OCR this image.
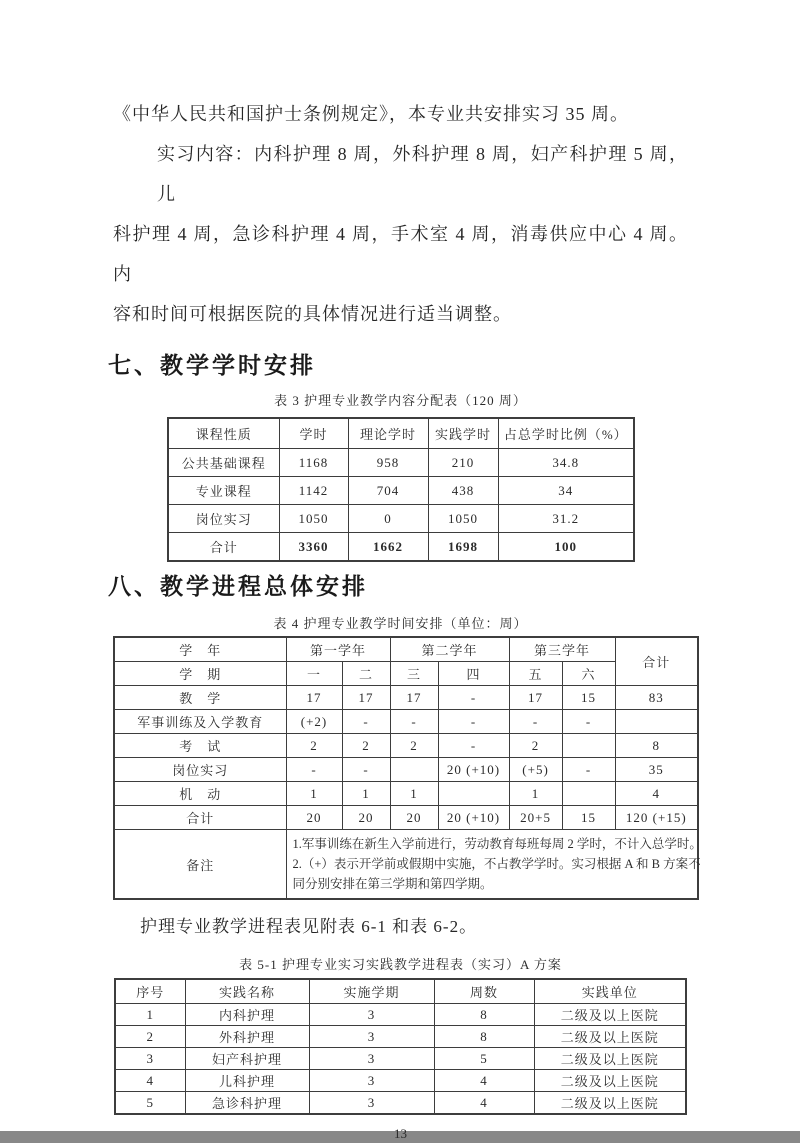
《中华人民共和国护士条例规定》，本专业共安排实习 35 周。
实习内容：内科护理 8 周，外科护理 8 周，妇产科护理 5 周，儿
科护理 4 周，急诊科护理 4 周，手术室 4 周，消毒供应中心 4 周。内
容和时间可根据医院的具体情况进行适当调整。
七、教学学时安排
表 3 护理专业教学内容分配表（120 周）
课程性质	学时	理论学时	实践学时	占总学时比例（%）
公共基础课程	1168	958	210	34.8
专业课程	1142	704	438	34
岗位实习	1050	0	1050	31.2
合计	3360	1662	1698	100
八、教学进程总体安排
表 4 护理专业教学时间安排（单位：周）
学　年	第一学年		第二学年		第三学年		合计
学　期	一	二	三	四	五	六	
教　学	17	17	17	-	17	15	83
军事训练及入学教育	(+2)	-	-	-	-	-	
考　试	2	2	2	-	2		8
岗位实习	-	-		20 (+10)	(+5)	-	35
机　动	1	1	1		1		4
合计	20	20	20	20 (+10)	20+5	15	120 (+15)
备注	1.军事训练在新生入学前进行，劳动教育每班每周 2 学时，不计入总学时。
2.（+）表示开学前或假期中实施，不占教学学时。实习根据 A 和 B 方案不
同分别安排在第三学期和第四学期。						
护理专业教学进程表见附表 6-1 和表 6-2。
表 5-1 护理专业实习实践教学进程表（实习）A 方案
序号	实践名称	实施学期	周数	实践单位
1	内科护理	3	8	二级及以上医院
2	外科护理	3	8	二级及以上医院
3	妇产科护理	3	5	二级及以上医院
4	儿科护理	3	4	二级及以上医院
5	急诊科护理	3	4	二级及以上医院
13
